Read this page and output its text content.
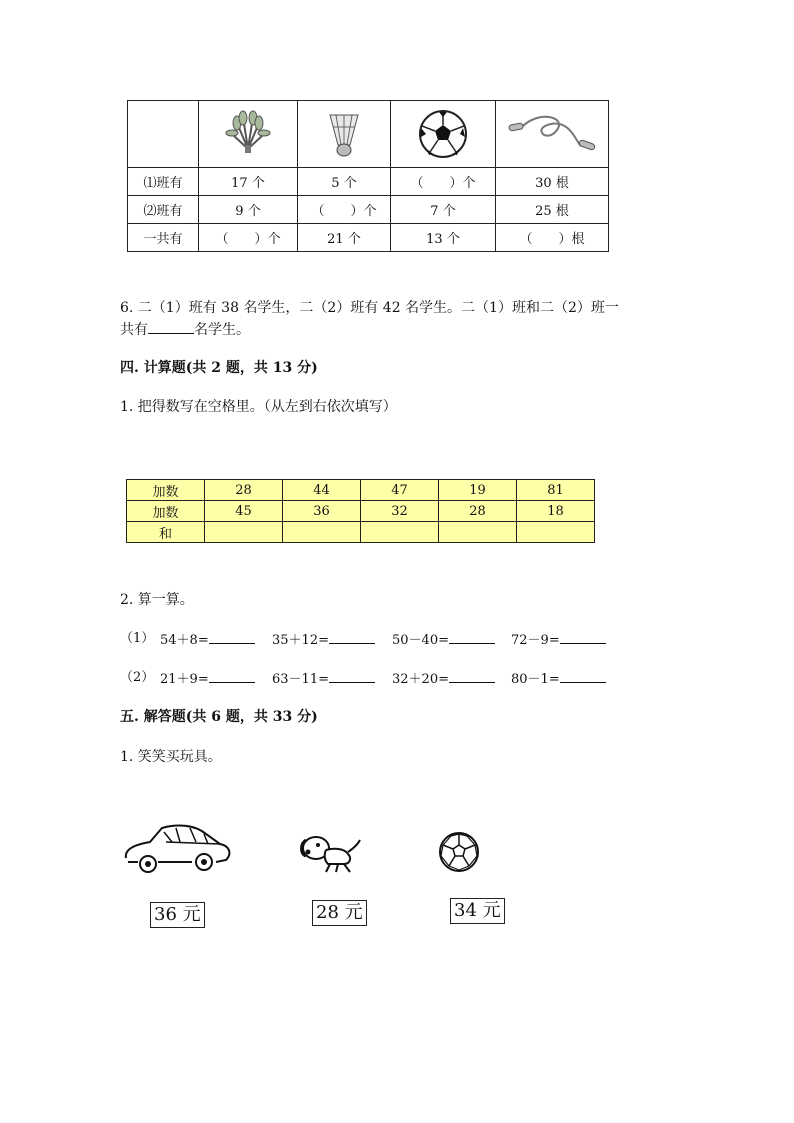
⑴班有	17 个	5 个	（　　）个	30 根
⑵班有	9 个	（　　）个	7 个	25 根
一共有	（　　）个	21 个	13 个	（　　）根
6. 二（1）班有 38 名学生，二（2）班有 42 名学生。二（1）班和二（2）班一
共有	名学生。
四. 计算题(共 2 题，共 13 分)
1. 把得数写在空格里。（从左到右依次填写）
加数	28	44	47	19	81
加数	45	36	32	28	18
和					
2. 算一算。
（1） 54＋8=	35＋12=	50－40=	72－9=
（2） 21＋9=	63－11=	32＋20=	80－1=
五. 解答题(共 6 题，共 33 分)
1. 笑笑买玩具。
36 元	28 元	34 元
